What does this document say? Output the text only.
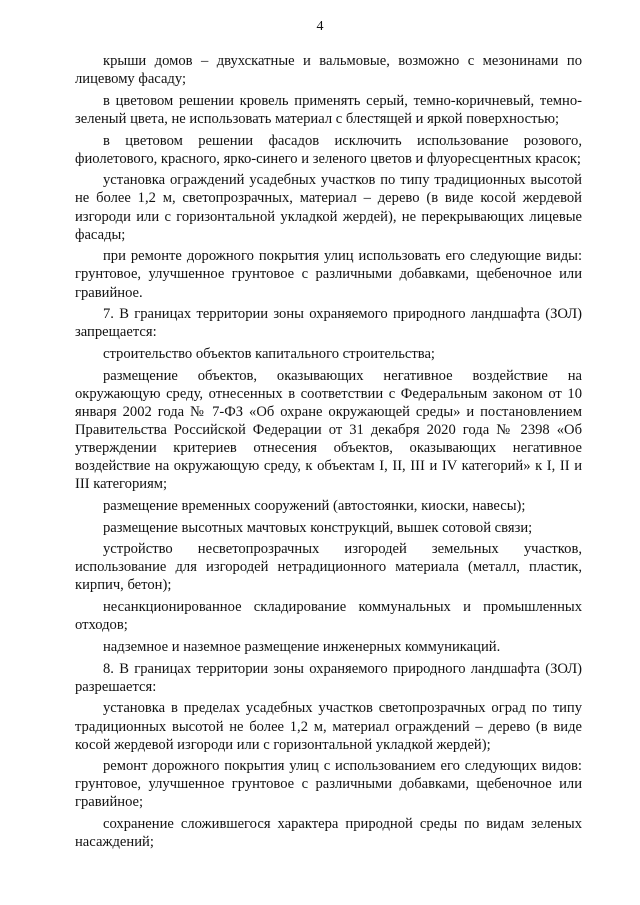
4

крыши домов – двухскатные и вальмовые, возможно с мезонинами по лицевому фасаду;

в цветовом решении кровель применять серый, темно-коричневый, темно-зеленый цвета, не использовать материал с блестящей и яркой поверхностью;

в цветовом решении фасадов исключить использование розового, фиолетового, красного, ярко-синего и зеленого цветов и флуоресцентных красок;

установка ограждений усадебных участков по типу традиционных высотой не более 1,2 м, светопрозрачных, материал – дерево (в виде косой жердевой изгороди или с горизонтальной укладкой жердей), не перекрывающих лицевые фасады;

при ремонте дорожного покрытия улиц использовать его следующие виды: грунтовое, улучшенное грунтовое с различными добавками, щебеночное или гравийное.

7. В границах территории зоны охраняемого природного ландшафта (ЗОЛ) запрещается:

строительство объектов капитального строительства;

размещение объектов, оказывающих негативное воздействие на окружающую среду, отнесенных в соответствии с Федеральным законом от 10 января 2002 года № 7-ФЗ «Об охране окружающей среды» и постановлением Правительства Российской Федерации от 31 декабря 2020 года № 2398 «Об утверждении критериев отнесения объектов, оказывающих негативное воздействие на окружающую среду, к объектам I, II, III и IV категорий» к I, II и III категориям;

размещение временных сооружений (автостоянки, киоски, навесы);

размещение высотных мачтовых конструкций, вышек сотовой связи;

устройство несветопрозрачных изгородей земельных участков, использование для изгородей нетрадиционного материала (металл, пластик, кирпич, бетон);

несанкционированное складирование коммунальных и промышленных отходов;

надземное и наземное размещение инженерных коммуникаций.

8. В границах территории зоны охраняемого природного ландшафта (ЗОЛ) разрешается:

установка в пределах усадебных участков светопрозрачных оград по типу традиционных высотой не более 1,2 м, материал ограждений – дерево (в виде косой жердевой изгороди или с горизонтальной укладкой жердей);

ремонт дорожного покрытия улиц с использованием его следующих видов: грунтовое, улучшенное грунтовое с различными добавками, щебеночное или гравийное;

сохранение сложившегося характера природной среды по видам зеленых насаждений;
